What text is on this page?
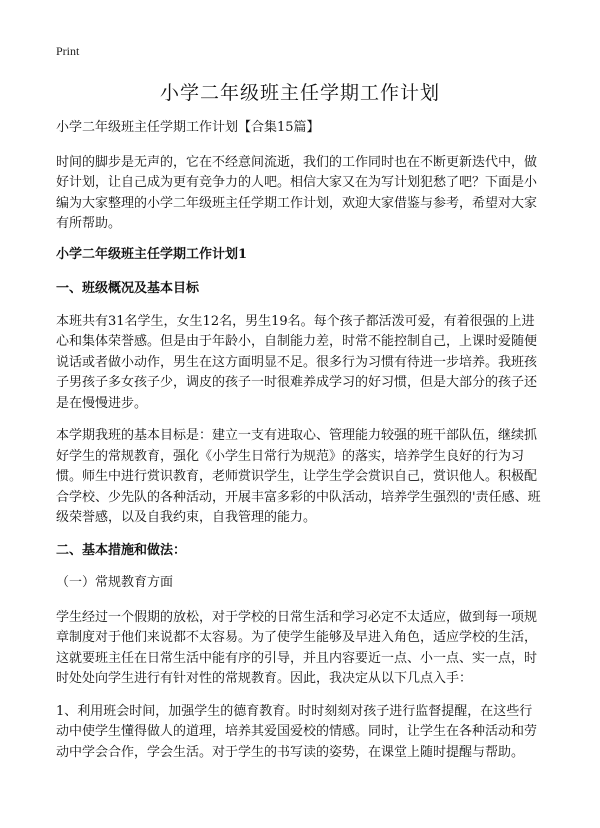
Print
小学二年级班主任学期工作计划

小学二年级班主任学期工作计划【合集15篇】

时间的脚步是无声的，它在不经意间流逝，我们的工作同时也在不断更新迭代中，做好计划，让自己成为更有竞争力的人吧。相信大家又在为写计划犯愁了吧？下面是小编为大家整理的小学二年级班主任学期工作计划，欢迎大家借鉴与参考，希望对大家有所帮助。

小学二年级班主任学期工作计划1

一、班级概况及基本目标

本班共有31名学生，女生12名，男生19名。每个孩子都活泼可爱，有着很强的上进心和集体荣誉感。但是由于年龄小，自制能力差，时常不能控制自己，上课时爱随便说话或者做小动作，男生在这方面明显不足。很多行为习惯有待进一步培养。我班孩子男孩子多女孩子少，调皮的孩子一时很难养成学习的好习惯，但是大部分的孩子还是在慢慢进步。

本学期我班的基本目标是：建立一支有进取心、管理能力较强的班干部队伍，继续抓好学生的常规教育，强化《小学生日常行为规范》的落实，培养学生良好的行为习惯。师生中进行赏识教育，老师赏识学生，让学生学会赏识自己，赏识他人。积极配合学校、少先队的各种活动，开展丰富多彩的中队活动，培养学生强烈的'责任感、班级荣誉感，以及自我约束，自我管理的能力。

二、基本措施和做法：

（一）常规教育方面

学生经过一个假期的放松，对于学校的日常生活和学习必定不太适应，做到每一项规章制度对于他们来说都不太容易。为了使学生能够及早进入角色，适应学校的生活，这就要班主任在日常生活中能有序的引导，并且内容要近一点、小一点、实一点，时时处处向学生进行有针对性的常规教育。因此，我决定从以下几点入手：

1、利用班会时间，加强学生的德育教育。时时刻刻对孩子进行监督提醒，在这些行动中使学生懂得做人的道理，培养其爱国爱校的情感。同时，让学生在各种活动和劳动中学会合作，学会生活。对于学生的书写读的姿势，在课堂上随时提醒与帮助。
